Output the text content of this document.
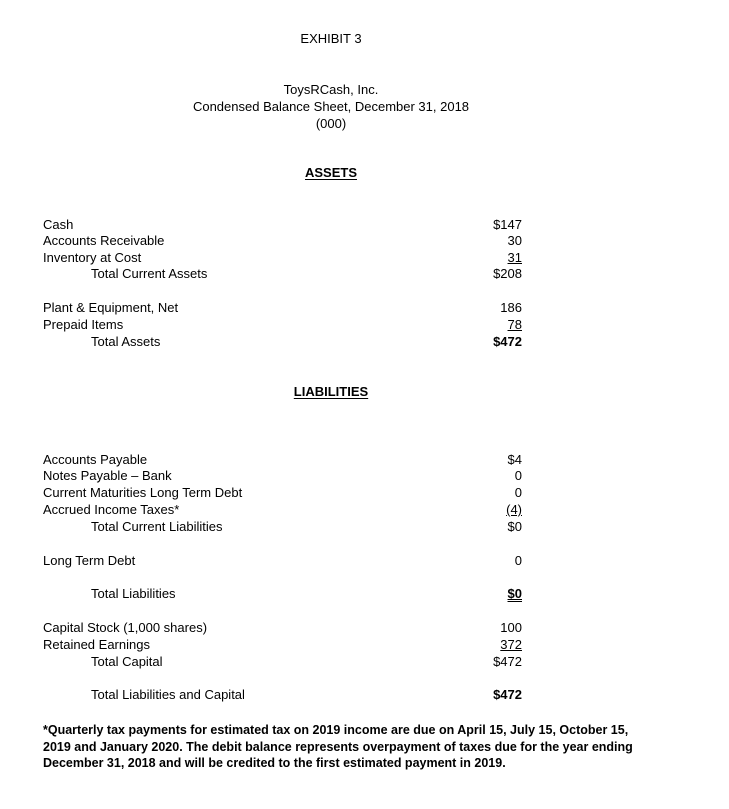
EXHIBIT 3
ToysRCash, Inc.
Condensed Balance Sheet, December 31, 2018
(000)
ASSETS
Cash	$147
Accounts Receivable	30
Inventory at Cost	31
Total Current Assets	$208
Plant & Equipment, Net	186
Prepaid Items	78
Total Assets	$472
LIABILITIES
Accounts Payable	$4
Notes Payable – Bank	0
Current Maturities Long Term Debt	0
Accrued Income Taxes*	(4)
Total Current Liabilities	$0
Long Term Debt	0
Total Liabilities	$0
Capital Stock (1,000 shares)	100
Retained Earnings	372
Total Capital	$472
Total Liabilities and Capital	$472
*Quarterly tax payments for estimated tax on 2019 income are due on April 15, July 15, October 15, 2019 and January 2020. The debit balance represents overpayment of taxes due for the year ending December 31, 2018 and will be credited to the first estimated payment in 2019.
